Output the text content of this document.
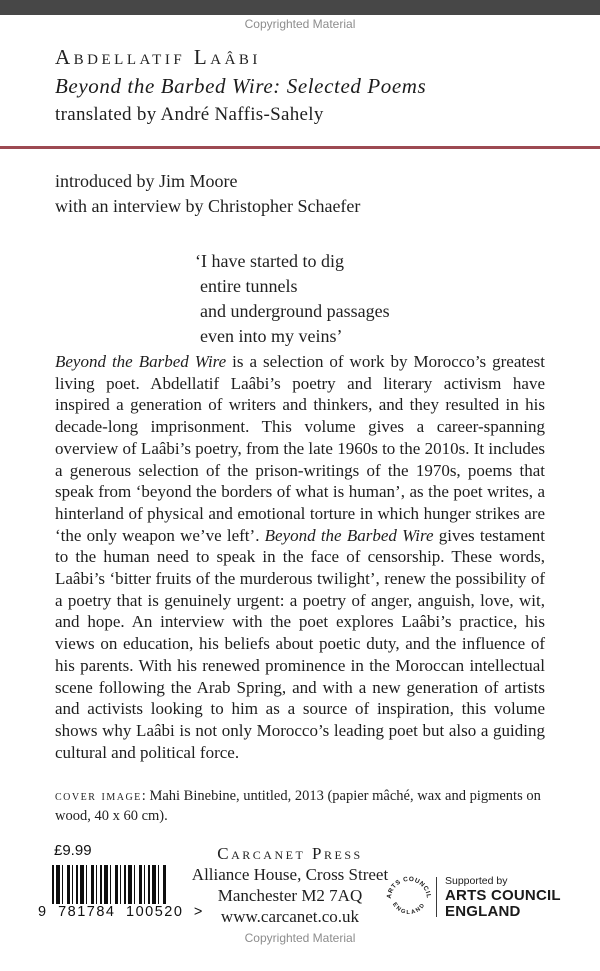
Copyrighted Material
Abdellatif Laâbi
Beyond the Barbed Wire: Selected Poems
translated by André Naffis-Sahely
introduced by Jim Moore
with an interview by Christopher Schaefer
‘I have started to dig
entire tunnels
and underground passages
even into my veins’
Beyond the Barbed Wire is a selection of work by Morocco’s greatest living poet. Abdellatif Laâbi’s poetry and literary activism have inspired a generation of writers and thinkers, and they resulted in his decade-long imprisonment. This volume gives a career-spanning overview of Laâbi’s poetry, from the late 1960s to the 2010s. It includes a generous selection of the prison-writings of the 1970s, poems that speak from ‘beyond the borders of what is human’, as the poet writes, a hinterland of physical and emotional torture in which hunger strikes are ‘the only weapon we’ve left’. Beyond the Barbed Wire gives testament to the human need to speak in the face of censorship. These words, Laâbi’s ‘bitter fruits of the murderous twilight’, renew the possibility of a poetry that is genuinely urgent: a poetry of anger, anguish, love, wit, and hope. An interview with the poet explores Laâbi’s practice, his views on education, his beliefs about poetic duty, and the influence of his parents. With his renewed prominence in the Moroccan intellectual scene following the Arab Spring, and with a new generation of artists and activists looking to him as a source of inspiration, this volume shows why Laâbi is not only Morocco’s leading poet but also a guiding cultural and political force.
cover image: Mahi Binebine, untitled, 2013 (papier mâché, wax and pigments on wood, 40 x 60 cm).
£9.99
9 781784 100520 >
Carcanet Press
Alliance House, Cross Street
Manchester M2 7AQ
www.carcanet.co.uk
ARTS COUNCIL
ENGLAND
Supported by
ARTS COUNCIL
ENGLAND
Copyrighted Material
